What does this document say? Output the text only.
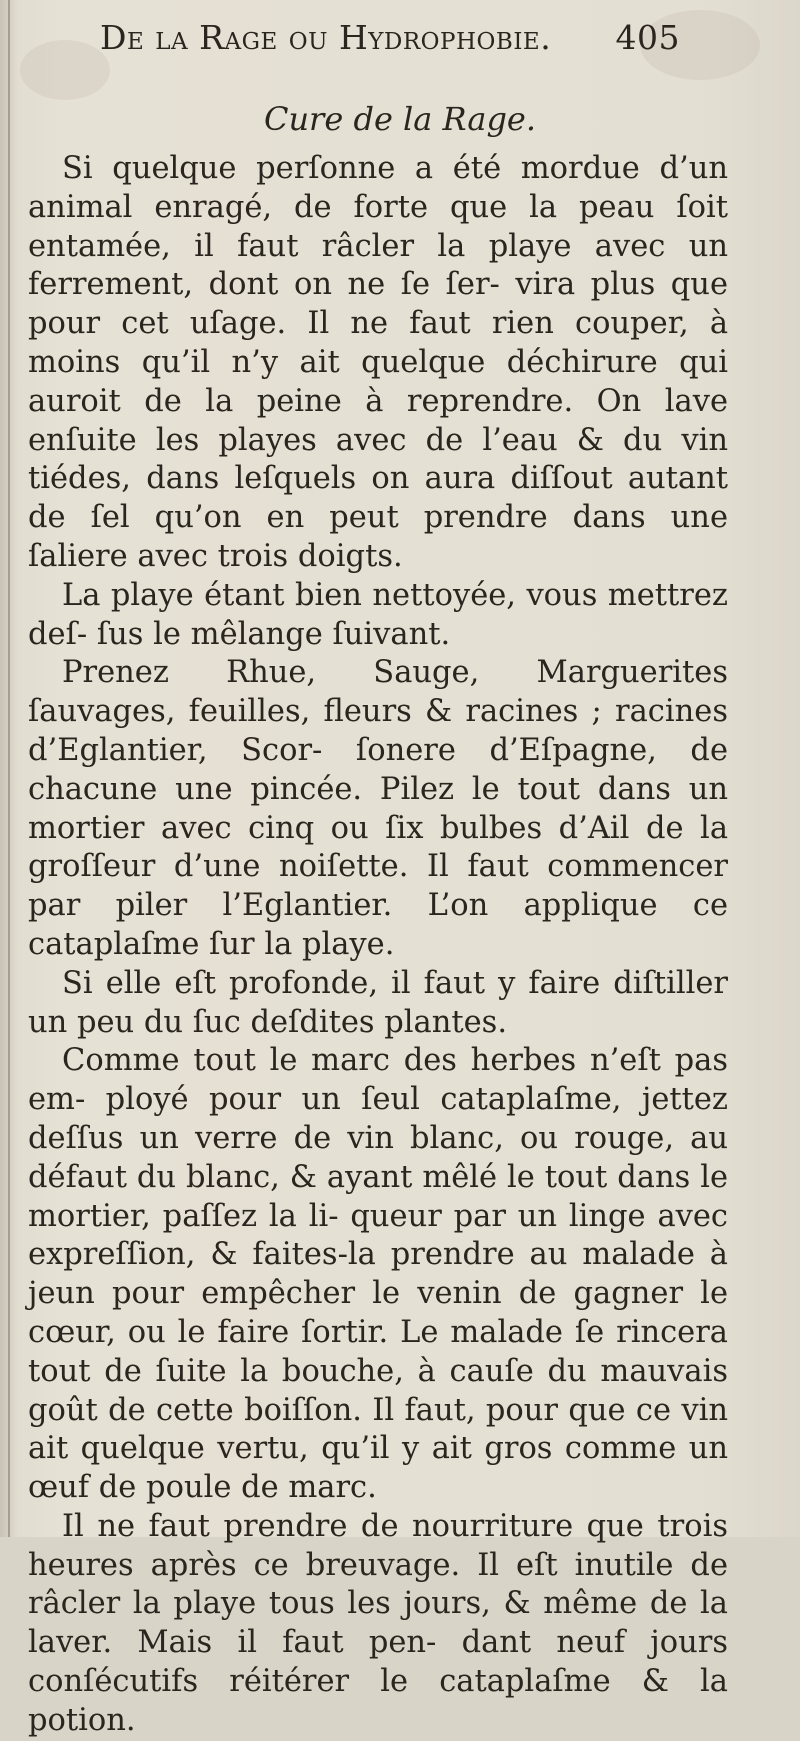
De la Rage ou Hydrophobie. 405
Cure de la Rage.

Si quelque perſonne a été mordue d’un animal enragé, de forte que la peau ſoit entamée, il faut râcler la playe avec un ferrement, dont on ne ſe ſer- vira plus que pour cet uſage. Il ne faut rien couper, à moins qu’il n’y ait quelque déchirure qui auroit de la peine à reprendre. On lave enſuite les playes avec de l’eau & du vin tiédes, dans leſquels on aura diſſout autant de ſel qu’on en peut prendre dans une ſaliere avec trois doigts.

La playe étant bien nettoyée, vous mettrez deſ- ſus le mêlange ſuivant.

Prenez Rhue, Sauge, Marguerites ſauvages, feuilles, fleurs & racines ; racines d’Eglantier, Scor- ſonere d’Eſpagne, de chacune une pincée. Pilez le tout dans un mortier avec cinq ou ſix bulbes d’Ail de la groſſeur d’une noiſette. Il faut commencer par piler l’Eglantier. L’on applique ce cataplaſme ſur la playe.

Si elle eſt profonde, il faut y faire diſtiller un peu du ſuc deſdites plantes.

Comme tout le marc des herbes n’eſt pas em- ployé pour un ſeul cataplaſme, jettez deſſus un verre de vin blanc, ou rouge, au défaut du blanc, & ayant mêlé le tout dans le mortier, paſſez la li- queur par un linge avec expreſſion, & faites-la prendre au malade à jeun pour empêcher le venin de gagner le cœur, ou le faire ſortir. Le malade ſe rincera tout de ſuite la bouche, à cauſe du mauvais goût de cette boiſſon. Il faut, pour que ce vin ait quelque vertu, qu’il y ait gros comme un œuf de poule de marc.

Il ne faut prendre de nourriture que trois heures après ce breuvage. Il eſt inutile de râcler la playe tous les jours, & même de la laver. Mais il faut pen- dant neuf jours conſécutifs réitérer le cataplaſme & la potion.
